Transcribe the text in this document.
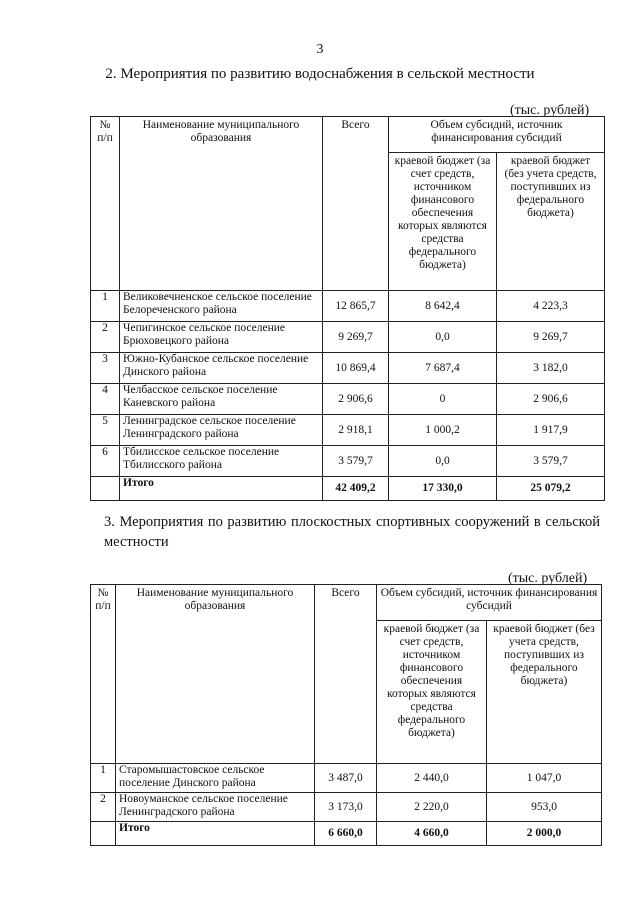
3
2. Мероприятия по развитию водоснабжения в сельской местности
(тыс. рублей)
№ п/п	Наименование муниципального образования	Всего	Объем субсидий, источник финансирования субсидий	
			краевой бюджет (за счет средств, источником финансового обеспечения которых являются средства федерального бюджета)	краевой бюджет (без учета средств, поступивших из федерального бюджета)
1	Великовечненское сельское поселение Белореченского района	12 865,7	8 642,4	4 223,3
2	Чепигинское сельское поселение Брюховецкого района	9 269,7	0,0	9 269,7
3	Южно-Кубанское сельское поселение Динского района	10 869,4	7 687,4	3 182,0
4	Челбасское сельское поселение Каневского района	2 906,6	0	2 906,6
5	Ленинградское сельское поселение Ленинградского района	2 918,1	1 000,2	1 917,9
6	Тбилисское сельское поселение Тбилисского района	3 579,7	0,0	3 579,7
	Итого	42 409,2	17 330,0	25 079,2
3. Мероприятия по развитию плоскостных спортивных сооружений в сельской местности
(тыс. рублей)
№ п/п	Наименование муниципального образования	Всего	Объем субсидий, источник финансирования субсидий	
			краевой бюджет (за счет средств, источником финансового обеспечения которых являются средства федерального бюджета)	краевой бюджет (без учета средств, поступивших из федерального бюджета)
1	Старомышастовское сельское поселение Динского района	3 487,0	2 440,0	1 047,0
2	Новоуманское сельское поселение Ленинградского района	3 173,0	2 220,0	953,0
	Итого	6 660,0	4 660,0	2 000,0
